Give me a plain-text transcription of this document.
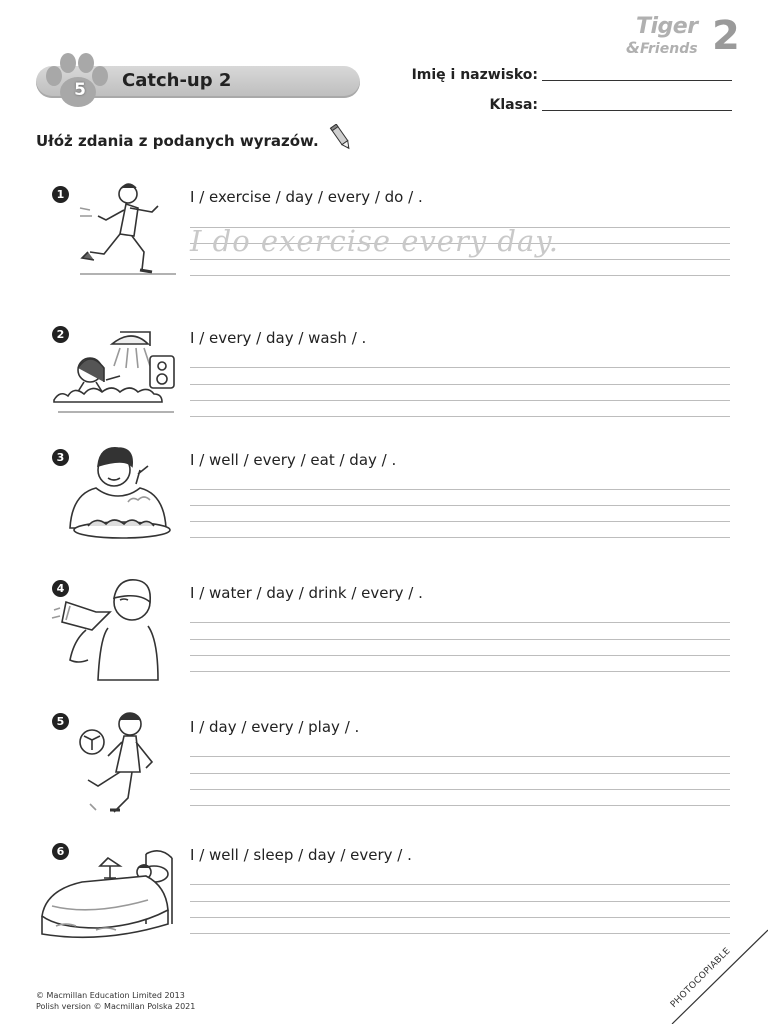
Tiger
& Friends 2
5 Catch-up 2	Imię i nazwisko:
Klasa:
Ułóż zdania z podanych wyrazów.
1	I / exercise / day / every / do / .
I do exercise every day.
2	I / every / day / wash / .
3	I / well / every / eat / day / .
4	I / water / day / drink / every / .
5	I / day / every / play / .
6	I / well / sleep / day / every / .
© Macmillan Education Limited 2013
Polish version © Macmillan Polska 2021	PHOTOCOPIABLE
